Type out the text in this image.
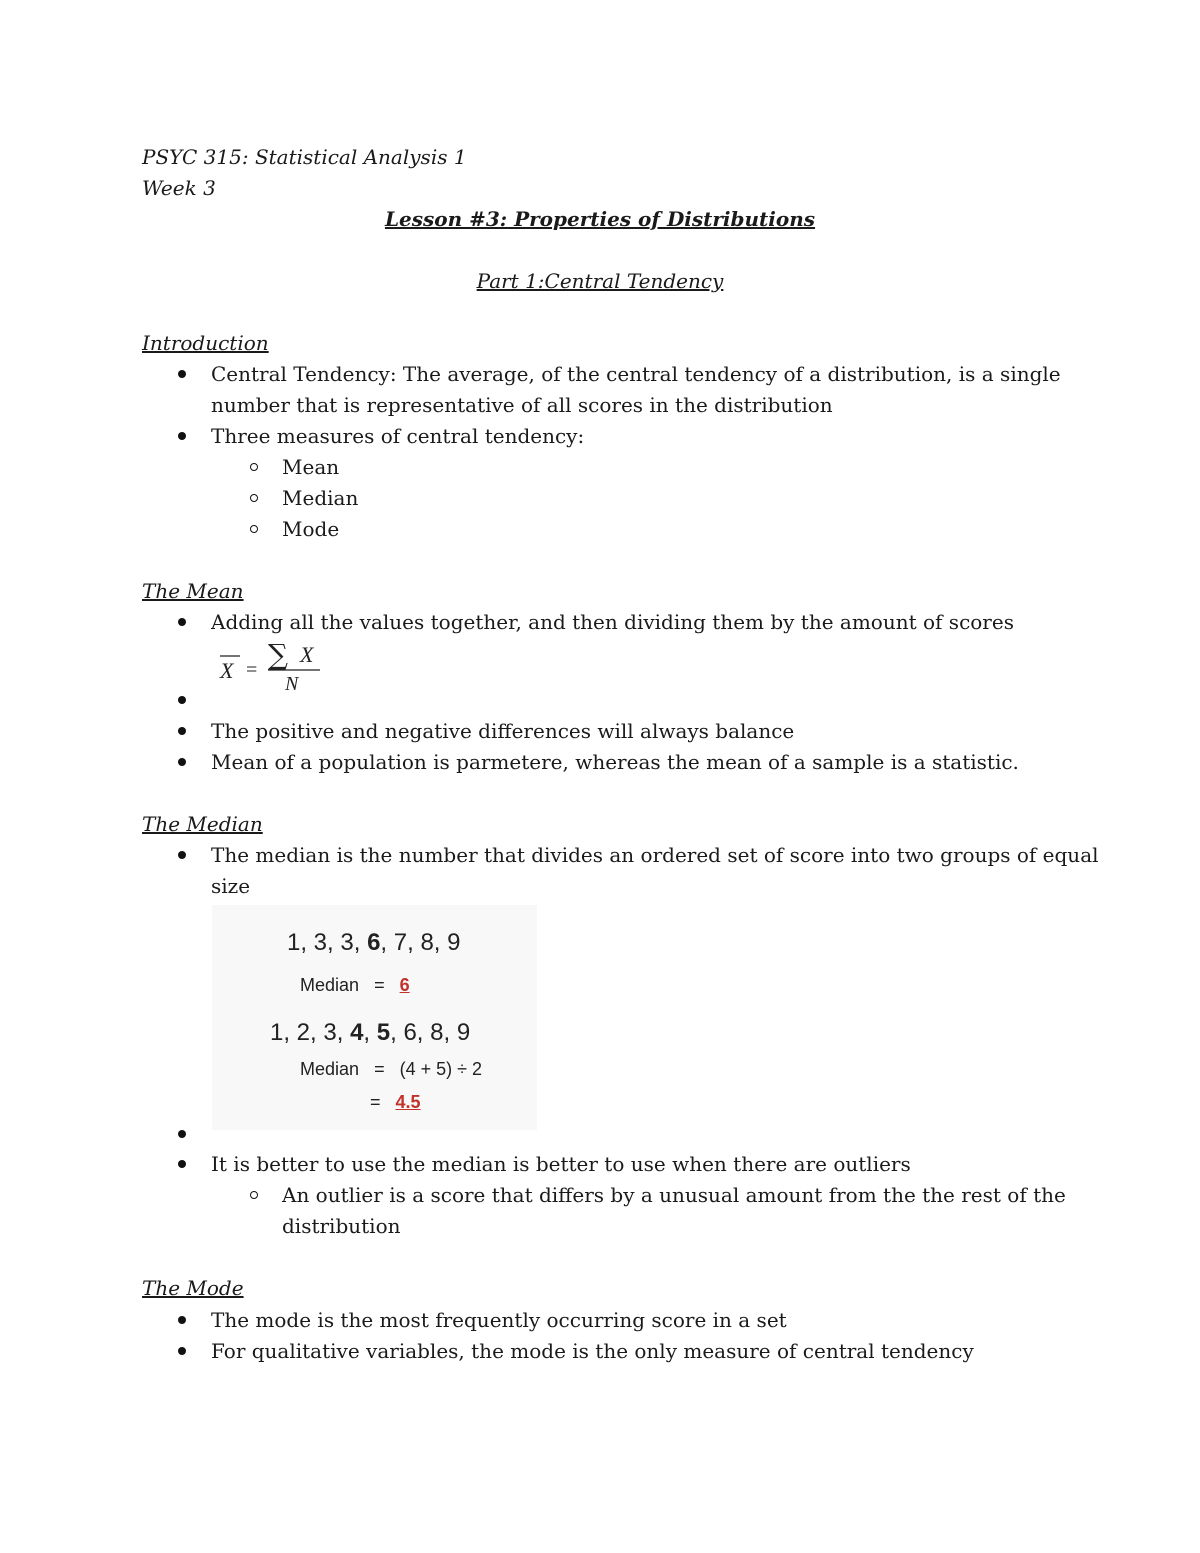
PSYC 315: Statistical Analysis 1
Week 3
Lesson #3: Properties of Distributions
Part 1:Central Tendency
Introduction
Central Tendency: The average, of the central tendency of a distribution, is a single
number that is representative of all scores in the distribution
Three measures of central tendency:
Mean
Median
Mode
The Mean
Adding all the values together, and then dividing them by the amount of scores
X = ∑ X
N
The positive and negative differences will always balance
Mean of a population is parmetere, whereas the mean of a sample is a statistic.
The Median
The median is the number that divides an ordered set of score into two groups of equal
size
1, 3, 3, 6, 7, 8, 9
Median = 6
1, 2, 3, 4, 5, 6, 8, 9
Median = (4 + 5) ÷ 2
= 4.5
It is better to use the median is better to use when there are outliers
An outlier is a score that differs by a unusual amount from the the rest of the
distribution
The Mode
The mode is the most frequently occurring score in a set
For qualitative variables, the mode is the only measure of central tendency
